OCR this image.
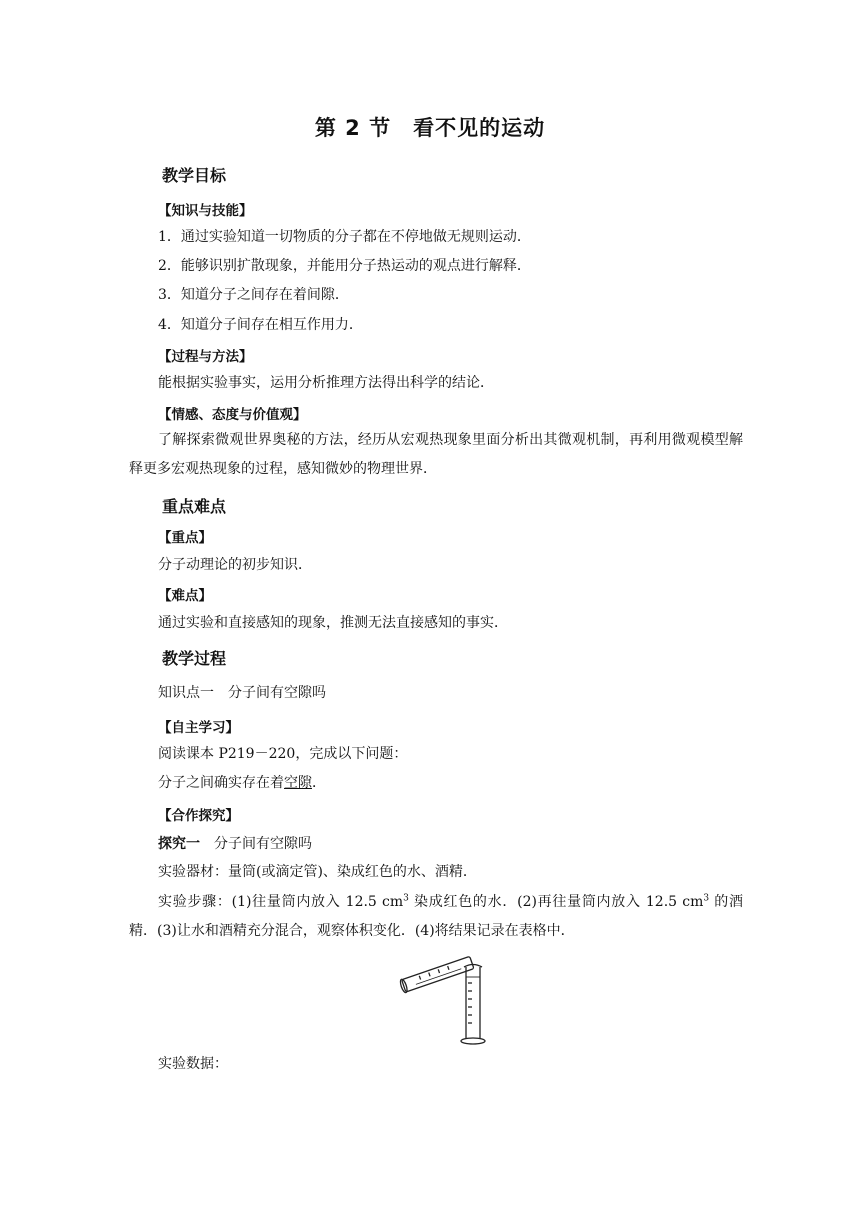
第 2 节　看不见的运动
教学目标
【知识与技能】
1．通过实验知道一切物质的分子都在不停地做无规则运动．
2．能够识别扩散现象，并能用分子热运动的观点进行解释．
3．知道分子之间存在着间隙．
4．知道分子间存在相互作用力．
【过程与方法】
能根据实验事实，运用分析推理方法得出科学的结论．
【情感、态度与价值观】
了解探索微观世界奥秘的方法，经历从宏观热现象里面分析出其微观机制，再利用微观模型解释更多宏观热现象的过程，感知微妙的物理世界．
重点难点
【重点】
分子动理论的初步知识．
【难点】
通过实验和直接感知的现象，推测无法直接感知的事实．
教学过程
知识点一　分子间有空隙吗
【自主学习】
阅读课本 P219－220，完成以下问题：
分子之间确实存在着空隙．
【合作探究】
探究一　分子间有空隙吗
实验器材：量筒(或滴定管)、染成红色的水、酒精．
实验步骤：(1)往量筒内放入 12.5 $cm^3$ 染成红色的水．(2)再往量筒内放入 12.5 $cm^3$ 的酒精．(3)让水和酒精充分混合，观察体积变化．(4)将结果记录在表格中．
实验数据：
